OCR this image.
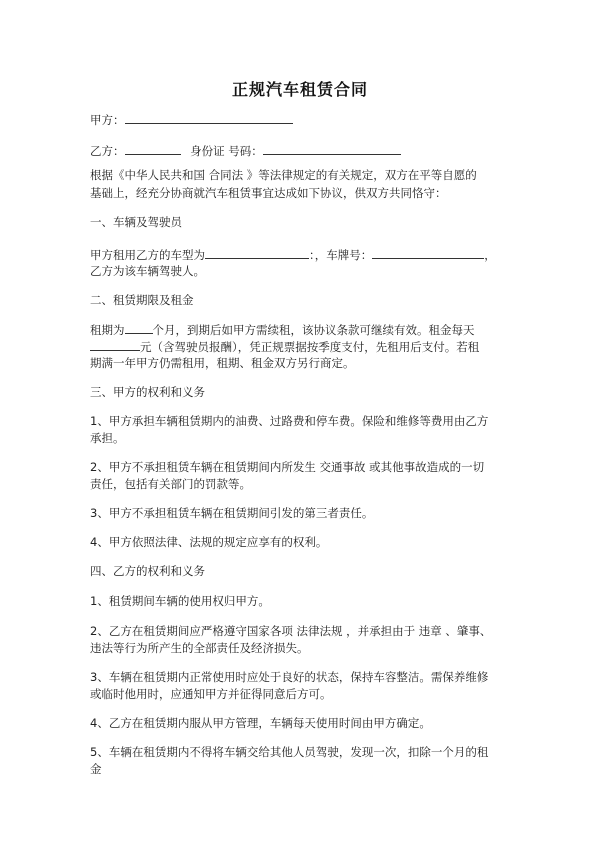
正规汽车租赁合同
甲方：
乙方：	身份证 号码：
根据《中华人民共和国 合同法 》等法律规定的有关规定，双方在平等自愿的
基础上，经充分协商就汽车租赁事宜达成如下协议，供双方共同恪守：
一、车辆及驾驶员
甲方租用乙方的车型为	：，车牌号：	，
乙方为该车辆驾驶人。
二、租赁期限及租金
租期为 个月，到期后如甲方需续租，该协议条款可继续有效。租金每天
元（含驾驶员报酬），凭正规票据按季度支付，先租用后支付。若租
期满一年甲方仍需租用，租期、租金双方另行商定。
三、甲方的权利和义务
1、甲方承担车辆租赁期内的油费、过路费和停车费。保险和维修等费用由乙方
承担。
2、甲方不承担租赁车辆在租赁期间内所发生 交通事故 或其他事故造成的一切
责任，包括有关部门的罚款等。
3、甲方不承担租赁车辆在租赁期间引发的第三者责任。
4、甲方依照法律、法规的规定应享有的权利。
四、乙方的权利和义务
1、租赁期间车辆的使用权归甲方。
2、乙方在租赁期间应严格遵守国家各项 法律法规 ，并承担由于 违章 、肇事、
违法等行为所产生的全部责任及经济损失。
3、车辆在租赁期内正常使用时应处于良好的状态，保持车容整洁。需保养维修
或临时他用时，应通知甲方并征得同意后方可。
4、乙方在租赁期内服从甲方管理，车辆每天使用时间由甲方确定。
5、车辆在租赁期内不得将车辆交给其他人员驾驶，发现一次，扣除一个月的租
金
